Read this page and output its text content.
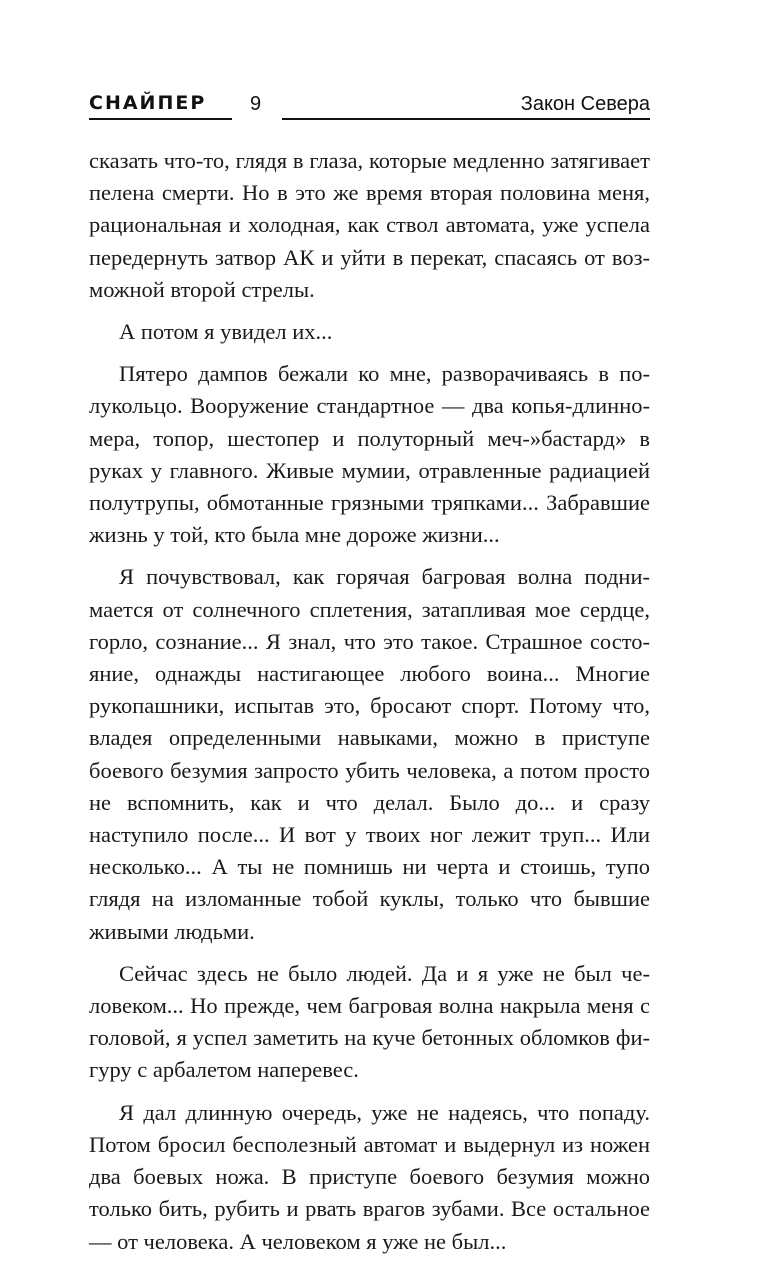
СНАЙПЕР 9	Закон Севера

сказать что-то, глядя в глаза, которые медленно затягивает пелена смерти. Но в это же время вторая половина меня, рациональная и холодная, как ствол автомата, уже успела передернуть затвор АК и уйти в перекат, спасаясь от возможной второй стрелы.

А потом я увидел их...

Пятеро дампов бежали ко мне, разворачиваясь в полукольцо. Вооружение стандартное — два копья-длинномера, топор, шестопер и полуторный меч-»бастард» в руках у главного. Живые мумии, отравленные радиацией полутрупы, обмотанные грязными тряпками... Забравшие жизнь у той, кто была мне дороже жизни...

Я почувствовал, как горячая багровая волна поднимается от солнечного сплетения, затапливая мое сердце, горло, сознание... Я знал, что это такое. Страшное состояние, однажды настигающее любого воина... Многие рукопашники, испытав это, бросают спорт. Потому что, владея определенными навыками, можно в приступе боевого безумия запросто убить человека, а потом просто не вспомнить, как и что делал. Было до... и сразу наступило после... И вот у твоих ног лежит труп... Или несколько... А ты не помнишь ни черта и стоишь, тупо глядя на изломанные тобой куклы, только что бывшие живыми людьми.

Сейчас здесь не было людей. Да и я уже не был человеком... Но прежде, чем багровая волна накрыла меня с головой, я успел заметить на куче бетонных обломков фигуру с арбалетом наперевес.

Я дал длинную очередь, уже не надеясь, что попаду. Потом бросил бесполезный автомат и выдернул из ножен два боевых ножа. В приступе боевого безумия можно только бить, рубить и рвать врагов зубами. Все остальное — от человека. А человеком я уже не был...
